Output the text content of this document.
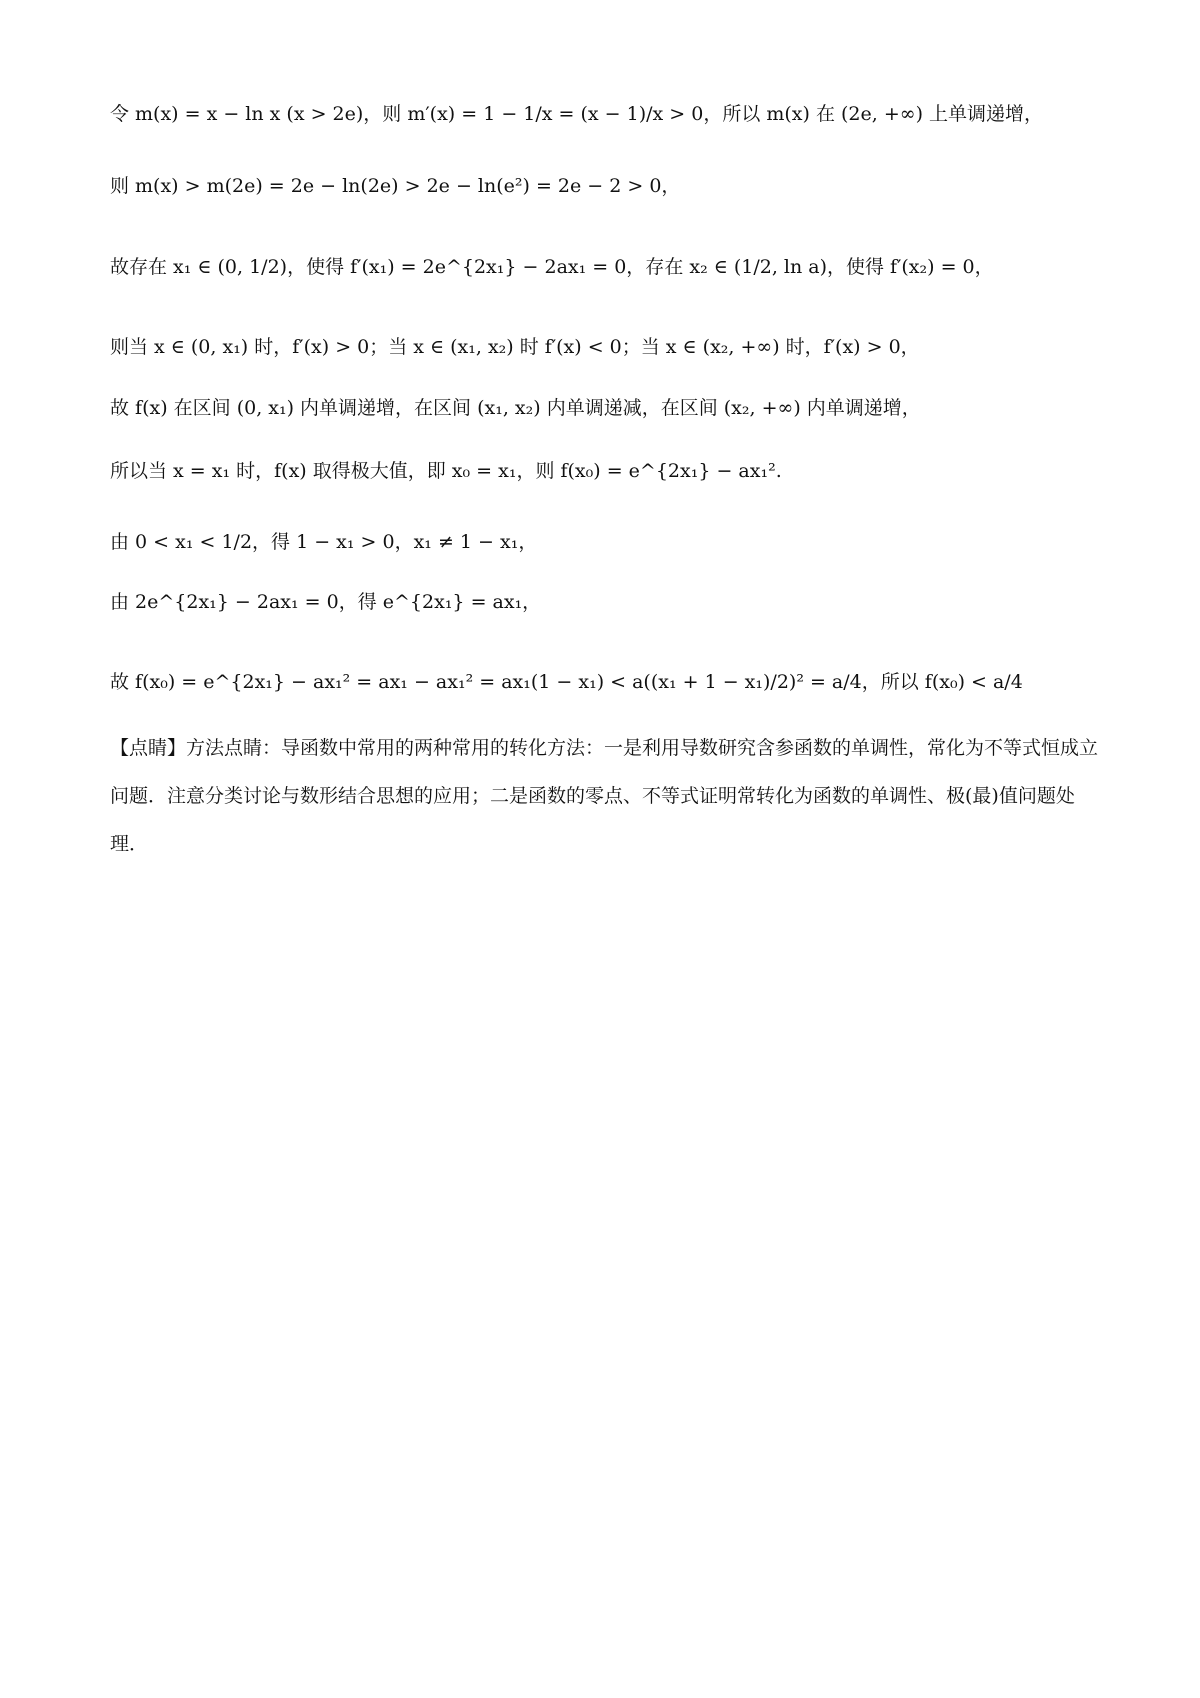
令 m(x) = x − ln x (x > 2e)，则 m′(x) = 1 − 1/x = (x − 1)/x > 0，所以 m(x) 在 (2e, +∞) 上单调递增，
则 m(x) > m(2e) = 2e − ln(2e) > 2e − ln(e²) = 2e − 2 > 0，
故存在 x₁ ∈ (0, 1/2)，使得 f′(x₁) = 2e^{2x₁} − 2ax₁ = 0，存在 x₂ ∈ (1/2, ln a)，使得 f′(x₂) = 0，
则当 x ∈ (0, x₁) 时，f′(x) > 0；当 x ∈ (x₁, x₂) 时 f′(x) < 0；当 x ∈ (x₂, +∞) 时，f′(x) > 0，
故 f(x) 在区间 (0, x₁) 内单调递增，在区间 (x₁, x₂) 内单调递减，在区间 (x₂, +∞) 内单调递增，
所以当 x = x₁ 时，f(x) 取得极大值，即 x₀ = x₁，则 f(x₀) = e^{2x₁} − ax₁².
由 0 < x₁ < 1/2，得 1 − x₁ > 0，x₁ ≠ 1 − x₁，
由 2e^{2x₁} − 2ax₁ = 0，得 e^{2x₁} = ax₁，
故 f(x₀) = e^{2x₁} − ax₁² = ax₁ − ax₁² = ax₁(1 − x₁) < a((x₁ + 1 − x₁)/2)² = a/4，所以 f(x₀) < a/4
【点睛】方法点睛：导函数中常用的两种常用的转化方法：一是利用导数研究含参函数的单调性，常化为不等式恒成立问题．注意分类讨论与数形结合思想的应用；二是函数的零点、不等式证明常转化为函数的单调性、极(最)值问题处理．
